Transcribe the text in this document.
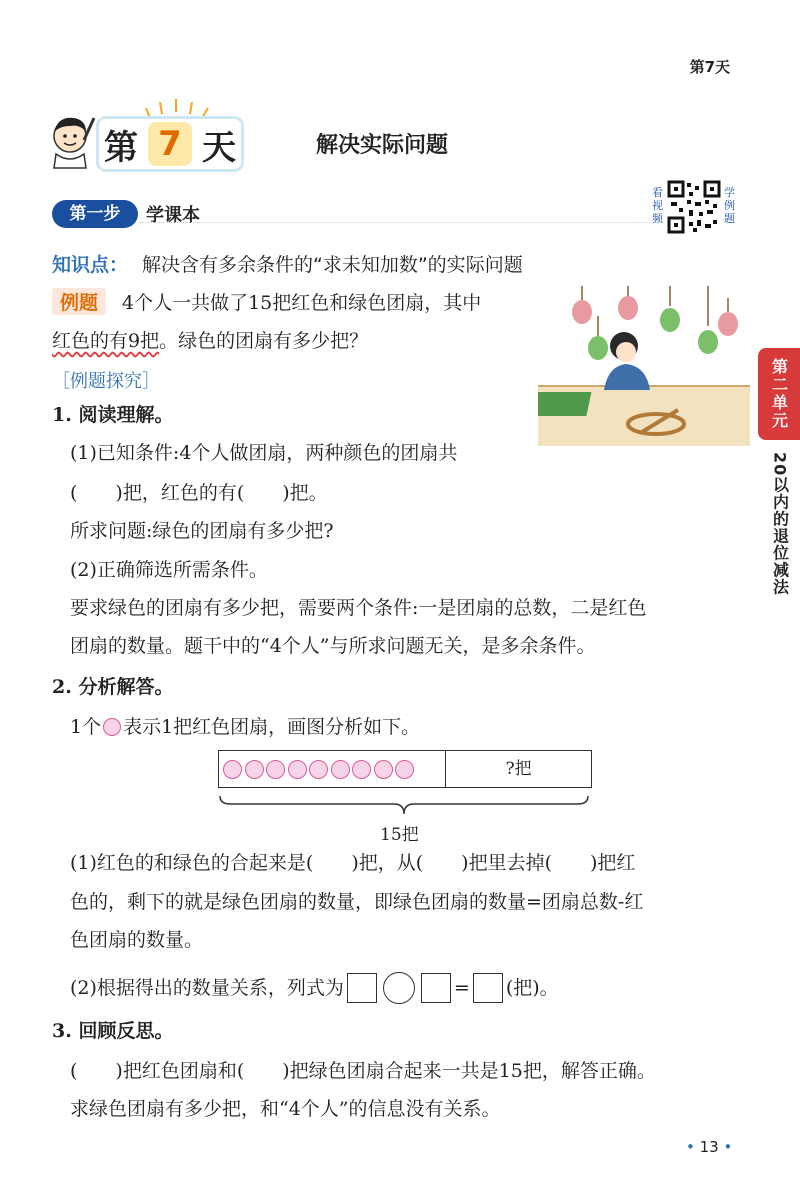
第7天
第 7 天	解决实际问题
第一步	学课本
看视频
学例题
知识点： 解决含有多余条件的“求未知加数”的实际问题
例题	4个人一共做了15把红色和绿色团扇，其中
红色的有9把。绿色的团扇有多少把？
［例题探究］
1. 阅读理解。
(1)已知条件:4个人做团扇，两种颜色的团扇共
(　　)把，红色的有(　　)把。
所求问题:绿色的团扇有多少把?
(2)正确筛选所需条件。
要求绿色的团扇有多少把，需要两个条件:一是团扇的总数，二是红色
团扇的数量。题干中的“4个人”与所求问题无关，是多余条件。
2. 分析解答。
1个 表示1把红色团扇，画图分析如下。
?把
15把
(1)红色的和绿色的合起来是(　　)把，从(　　)把里去掉(　　)把红
色的，剩下的就是绿色团扇的数量，即绿色团扇的数量=团扇总数-红
色团扇的数量。
(2)根据得出的数量关系，列式为	= (把)。
3. 回顾反思。
(　　)把红色团扇和(　　)把绿色团扇合起来一共是15把，解答正确。
求绿色团扇有多少把，和“4个人”的信息没有关系。
第二单元
20以内的退位减法
• 13 •
